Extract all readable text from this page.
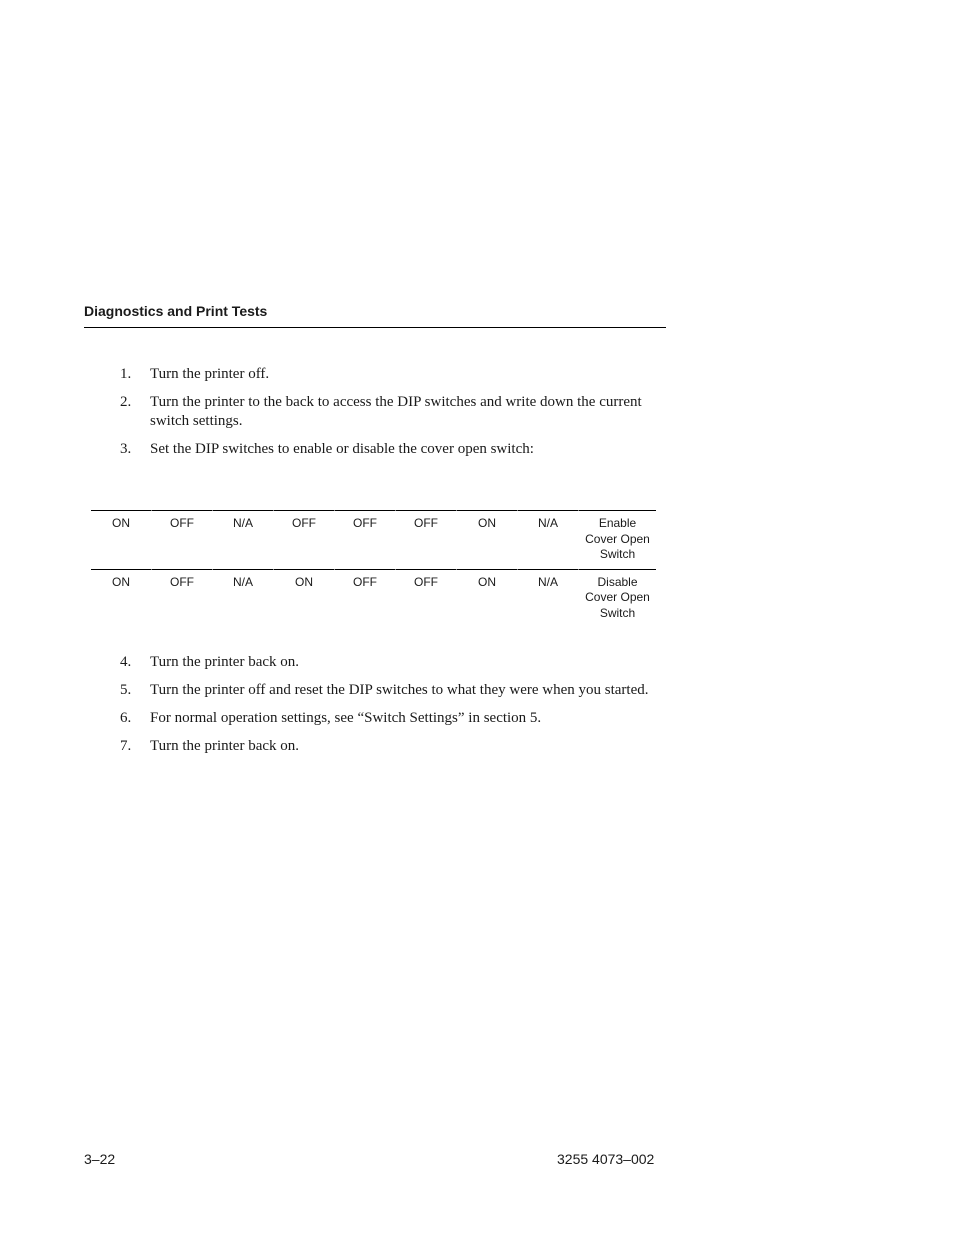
Diagnostics and Print Tests
1. Turn the printer off.
2. Turn the printer to the back to access the DIP switches and write down the current switch settings.
3. Set the DIP switches to enable or disable the cover open switch:
ON	OFF	N/A	OFF	OFF	OFF	ON	N/A	Enable
Cover Open
Switch

ON	OFF	N/A	ON	OFF	OFF	ON	N/A	Disable
Cover Open
Switch
4. Turn the printer back on.
5. Turn the printer off and reset the DIP switches to what they were when you started.
6. For normal operation settings, see “Switch Settings” in section 5.
7. Turn the printer back on.
3–22	3255 4073–002
